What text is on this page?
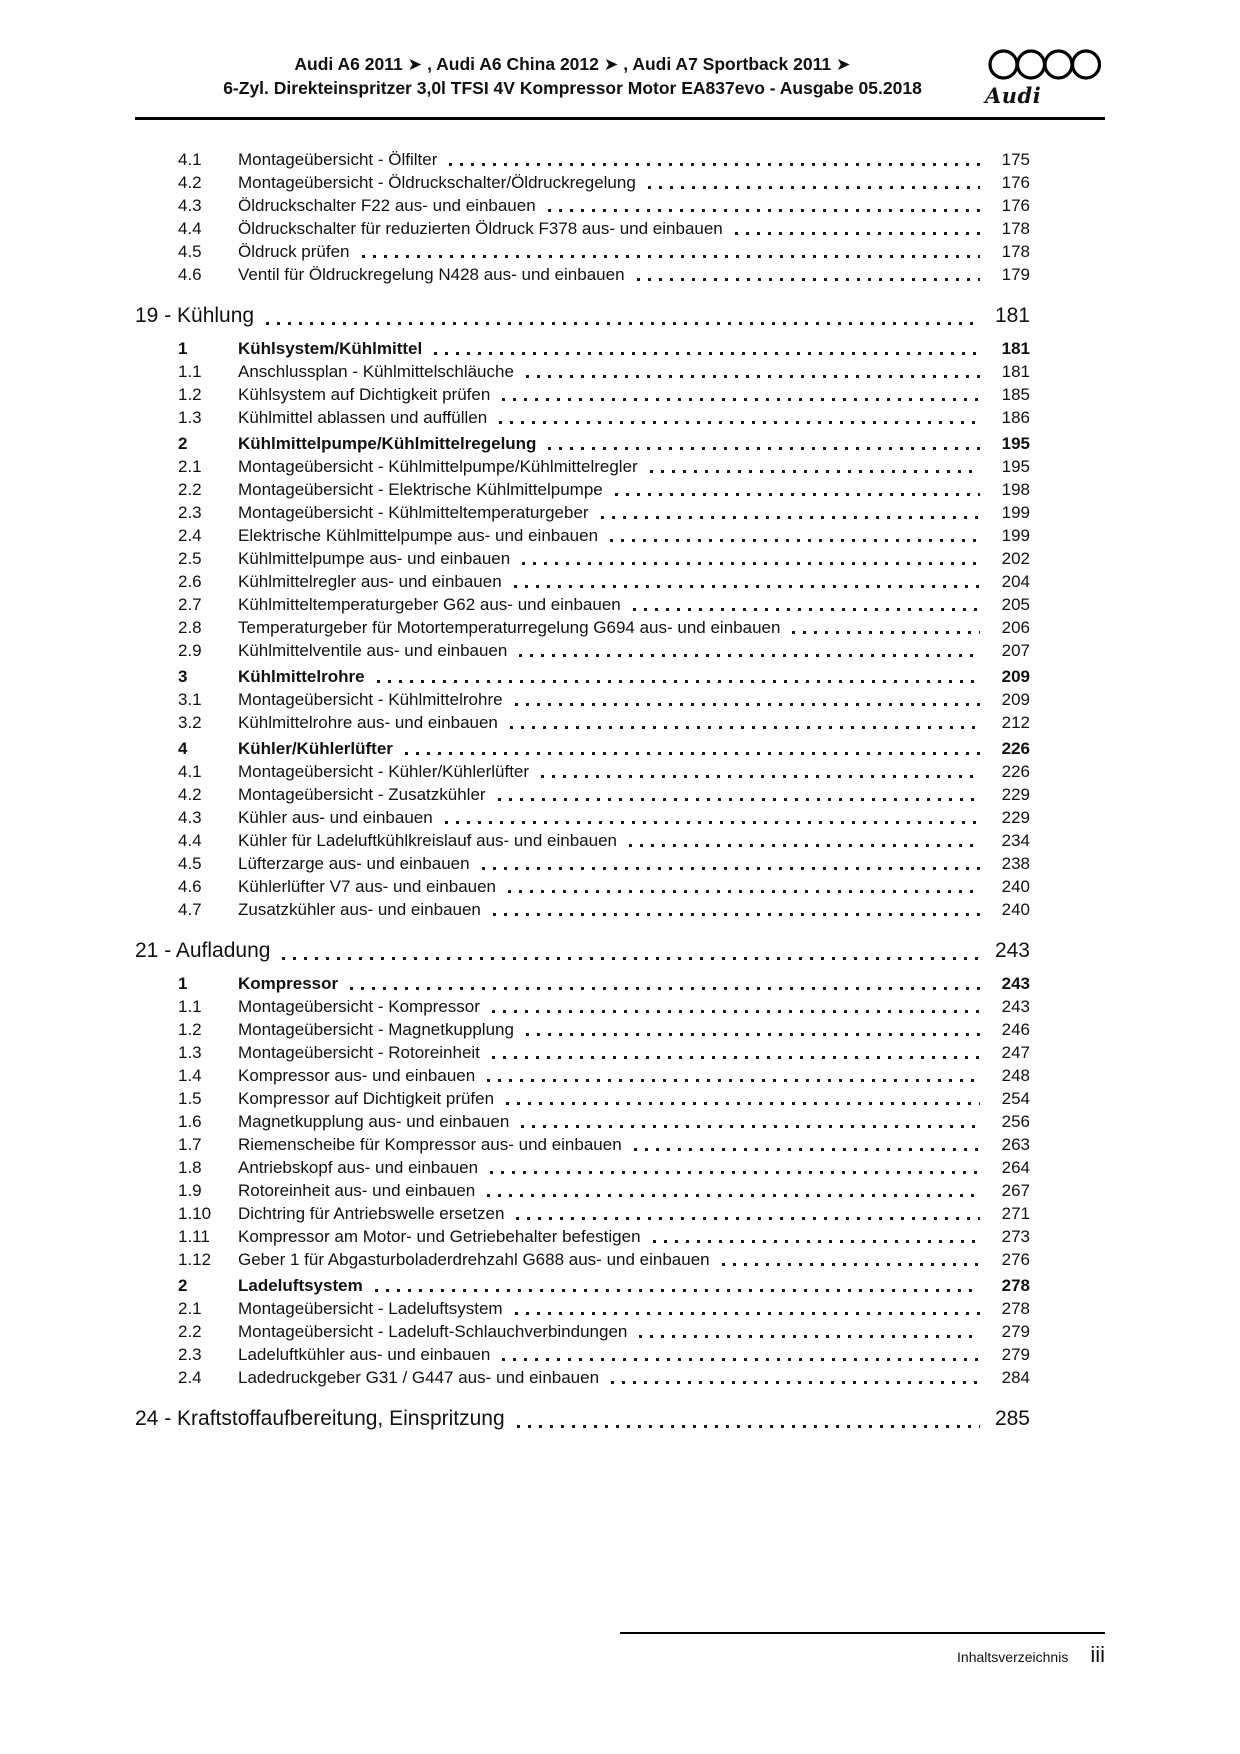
Audi A6 2011 ➤ , Audi A6 China 2012 ➤ , Audi A7 Sportback 2011 ➤
6-Zyl. Direkteinspritzer 3,0l TFSI 4V Kompressor Motor EA837evo - Ausgabe 05.2018	Audi
4.1	Montageübersicht - Ölfilter	175
4.2	Montageübersicht - Öldruckschalter/Öldruckregelung	176
4.3	Öldruckschalter F22 aus- und einbauen	176
4.4	Öldruckschalter für reduzierten Öldruck F378 aus- und einbauen	178
4.5	Öldruck prüfen	178
4.6	Ventil für Öldruckregelung N428 aus- und einbauen	179
19 - Kühlung	181
1	Kühlsystem/Kühlmittel	181
1.1	Anschlussplan - Kühlmittelschläuche	181
1.2	Kühlsystem auf Dichtigkeit prüfen	185
1.3	Kühlmittel ablassen und auffüllen	186
2	Kühlmittelpumpe/Kühlmittelregelung	195
2.1	Montageübersicht - Kühlmittelpumpe/Kühlmittelregler	195
2.2	Montageübersicht - Elektrische Kühlmittelpumpe	198
2.3	Montageübersicht - Kühlmitteltemperaturgeber	199
2.4	Elektrische Kühlmittelpumpe aus- und einbauen	199
2.5	Kühlmittelpumpe aus- und einbauen	202
2.6	Kühlmittelregler aus- und einbauen	204
2.7	Kühlmitteltemperaturgeber G62 aus- und einbauen	205
2.8	Temperaturgeber für Motortemperaturregelung G694 aus- und einbauen	206
2.9	Kühlmittelventile aus- und einbauen	207
3	Kühlmittelrohre	209
3.1	Montageübersicht - Kühlmittelrohre	209
3.2	Kühlmittelrohre aus- und einbauen	212
4	Kühler/Kühlerlüfter	226
4.1	Montageübersicht - Kühler/Kühlerlüfter	226
4.2	Montageübersicht - Zusatzkühler	229
4.3	Kühler aus- und einbauen	229
4.4	Kühler für Ladeluftkühlkreislauf aus- und einbauen	234
4.5	Lüfterzarge aus- und einbauen	238
4.6	Kühlerlüfter V7 aus- und einbauen	240
4.7	Zusatzkühler aus- und einbauen	240
21 - Aufladung	243
1	Kompressor	243
1.1	Montageübersicht - Kompressor	243
1.2	Montageübersicht - Magnetkupplung	246
1.3	Montageübersicht - Rotoreinheit	247
1.4	Kompressor aus- und einbauen	248
1.5	Kompressor auf Dichtigkeit prüfen	254
1.6	Magnetkupplung aus- und einbauen	256
1.7	Riemenscheibe für Kompressor aus- und einbauen	263
1.8	Antriebskopf aus- und einbauen	264
1.9	Rotoreinheit aus- und einbauen	267
1.10	Dichtring für Antriebswelle ersetzen	271
1.11	Kompressor am Motor- und Getriebehalter befestigen	273
1.12	Geber 1 für Abgasturboladerdrehzahl G688 aus- und einbauen	276
2	Ladeluftsystem	278
2.1	Montageübersicht - Ladeluftsystem	278
2.2	Montageübersicht - Ladeluft-Schlauchverbindungen	279
2.3	Ladeluftkühler aus- und einbauen	279
2.4	Ladedruckgeber G31 / G447 aus- und einbauen	284
24 - Kraftstoffaufbereitung, Einspritzung	285
Inhaltsverzeichnis iii
